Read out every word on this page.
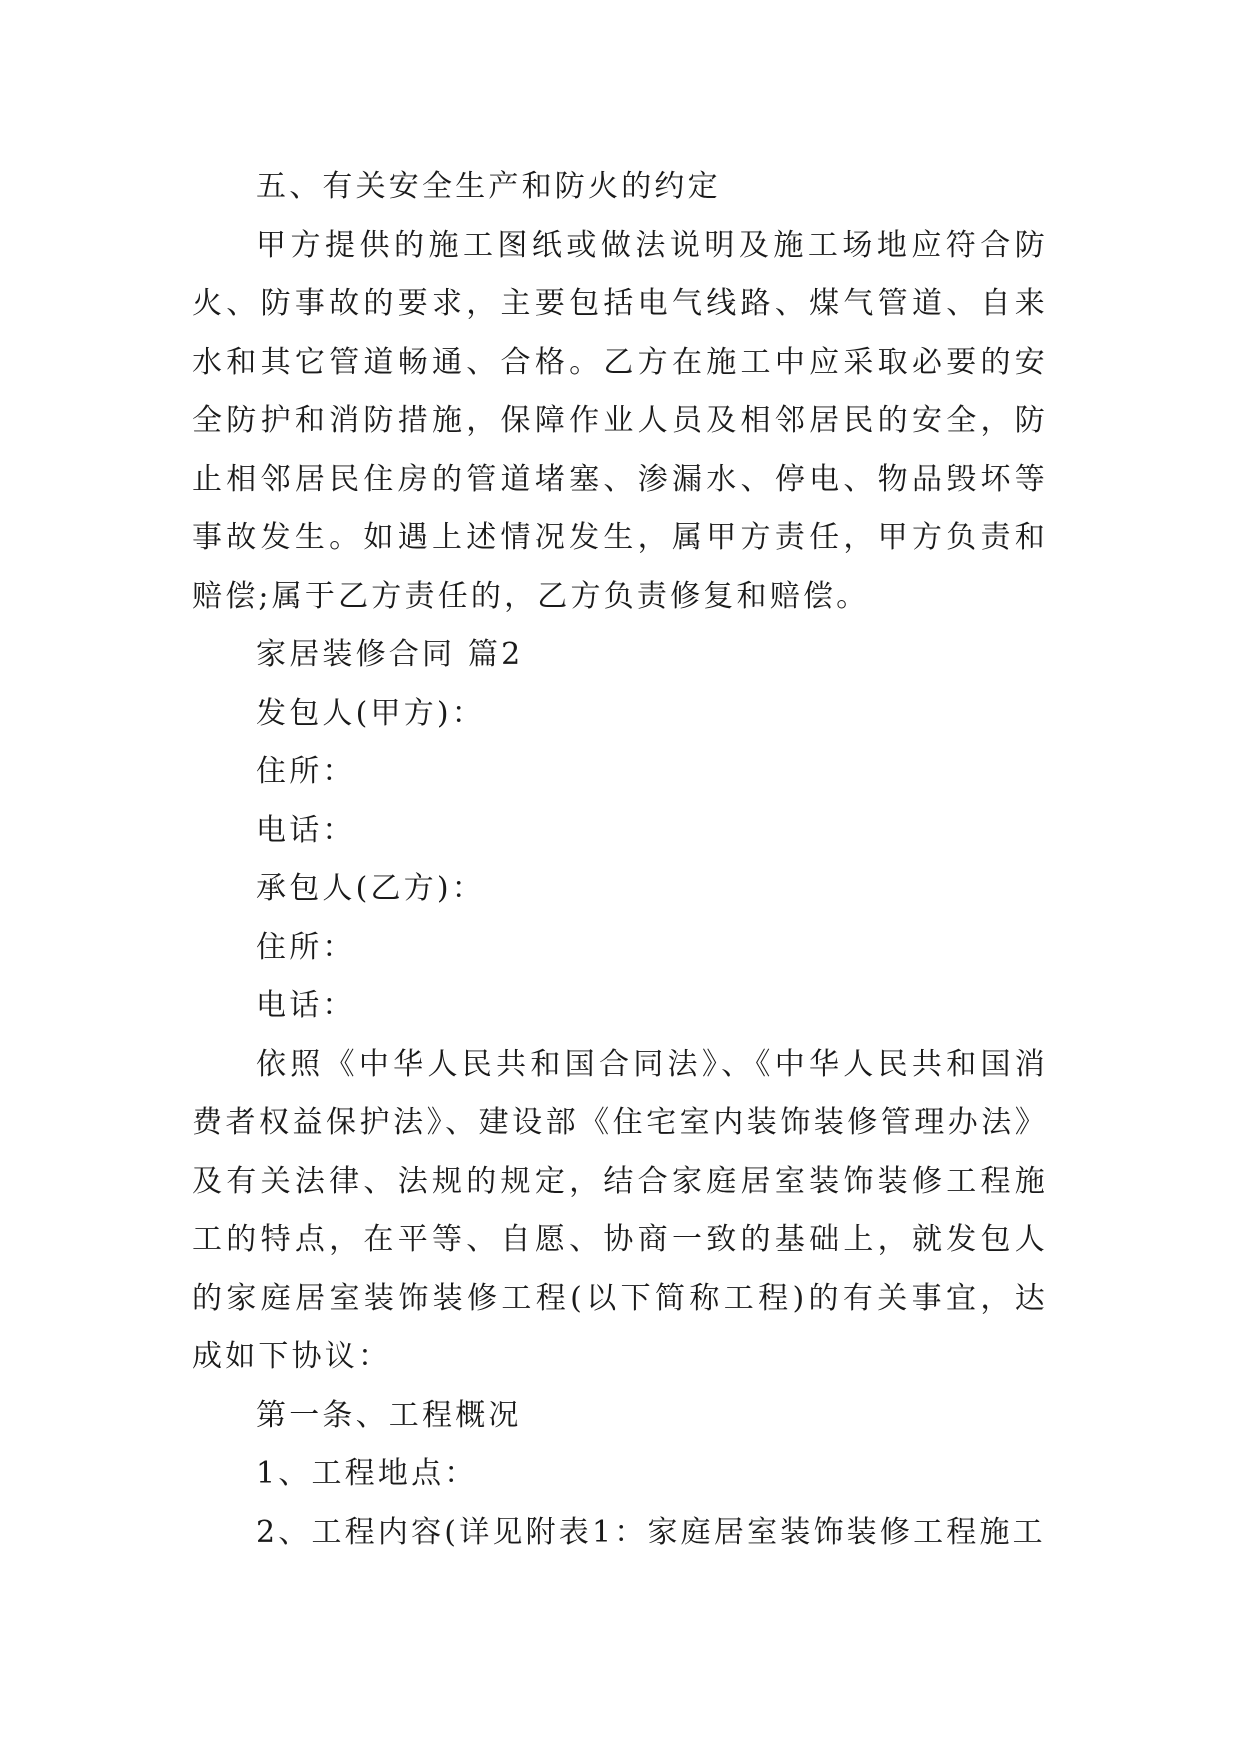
五、有关安全生产和防火的约定

甲方提供的施工图纸或做法说明及施工场地应符合防火、防事故的要求，主要包括电气线路、煤气管道、自来水和其它管道畅通、合格。乙方在施工中应采取必要的安全防护和消防措施，保障作业人员及相邻居民的安全，防止相邻居民住房的管道堵塞、渗漏水、停电、物品毁坏等事故发生。如遇上述情况发生，属甲方责任，甲方负责和赔偿;属于乙方责任的，乙方负责修复和赔偿。

家居装修合同 篇2

发包人(甲方)：

住所：

电话：

承包人(乙方)：

住所：

电话：

依照《中华人民共和国合同法》、《中华人民共和国消费者权益保护法》、建设部《住宅室内装饰装修管理办法》及有关法律、法规的规定，结合家庭居室装饰装修工程施工的特点，在平等、自愿、协商一致的基础上，就发包人的家庭居室装饰装修工程(以下简称工程)的有关事宜，达成如下协议：

第一条、工程概况

1、工程地点：

2、工程内容(详见附表1：家庭居室装饰装修工程施工
